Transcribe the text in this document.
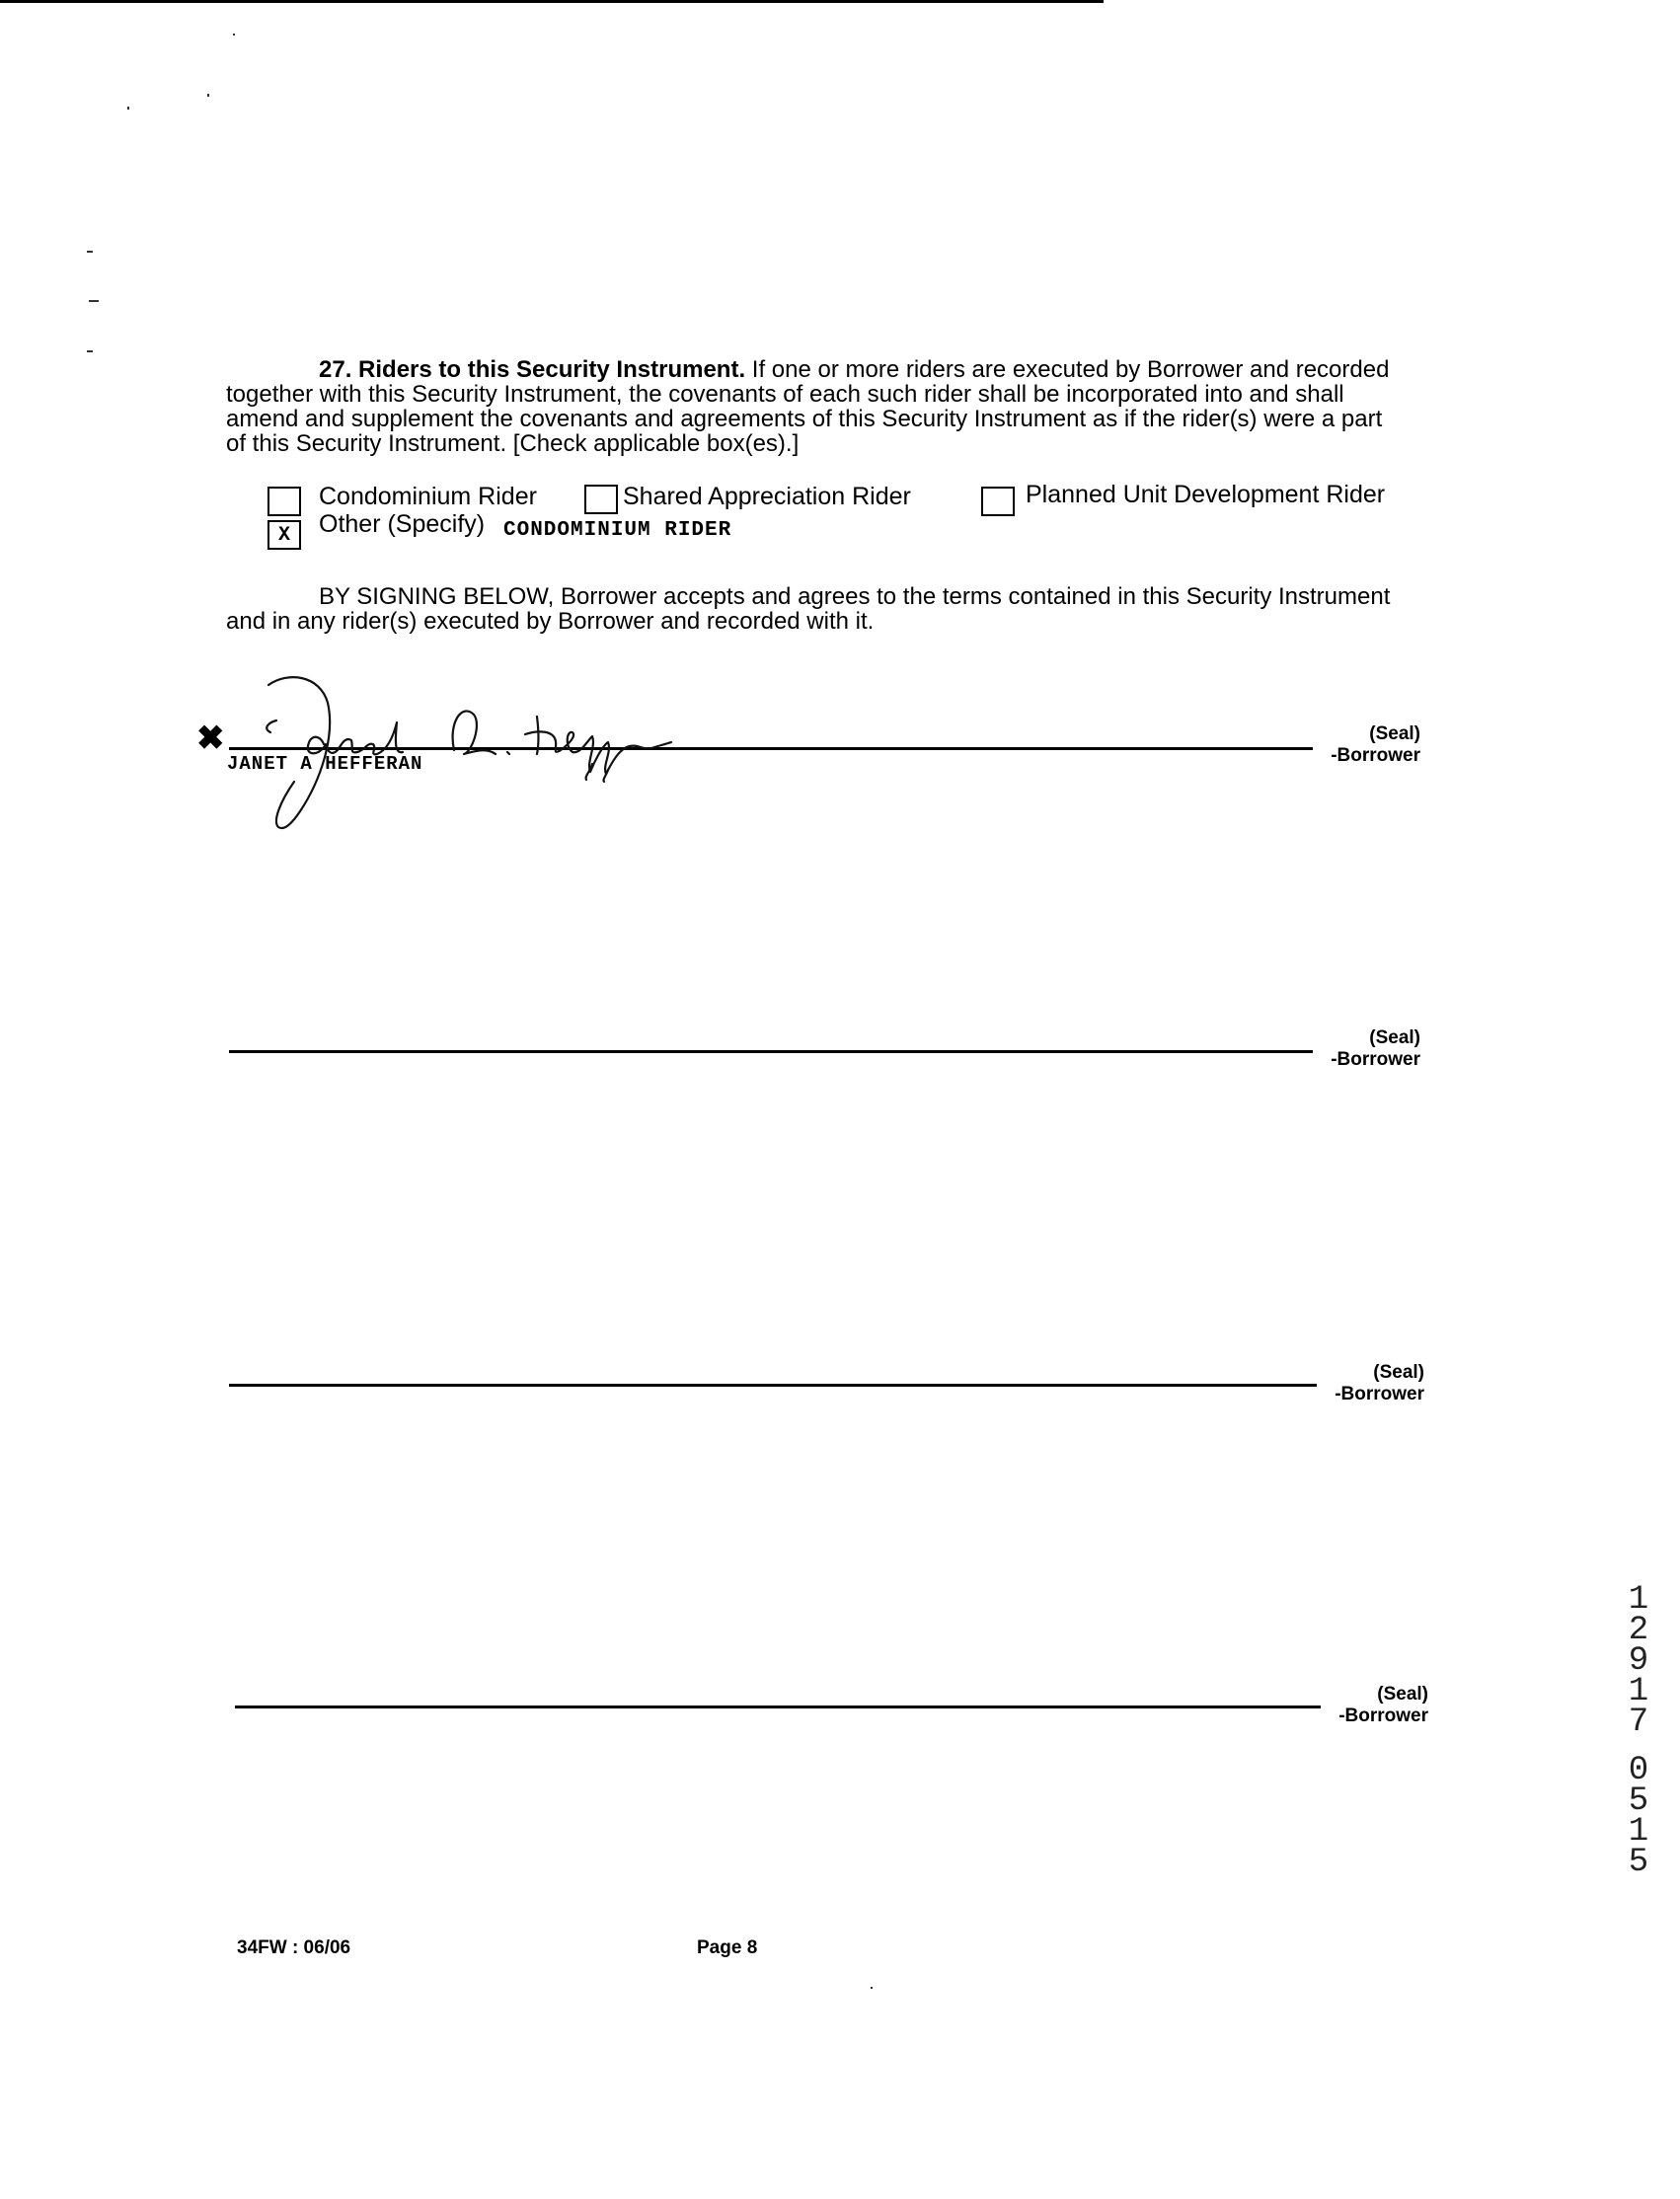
27. Riders to this Security Instrument. If one or more riders are executed by Borrower and recorded together with this Security Instrument, the covenants of each such rider shall be incorporated into and shall amend and supplement the covenants and agreements of this Security Instrument as if the rider(s) were a part of this Security Instrument. [Check applicable box(es).]
Condominium Rider	Shared Appreciation Rider	Planned Unit Development Rider
X	Other (Specify) CONDOMINIUM RIDER
BY SIGNING BELOW, Borrower accepts and agrees to the terms contained in this Security Instrument and in any rider(s) executed by Borrower and recorded with it.
✖
JANET A HEFFERAN
(Seal)
-Borrower
(Seal)
-Borrower
(Seal)
-Borrower
(Seal)
-Borrower
34FW : 06/06	Page 8
1
2
9
1
7

0
5
1
5
